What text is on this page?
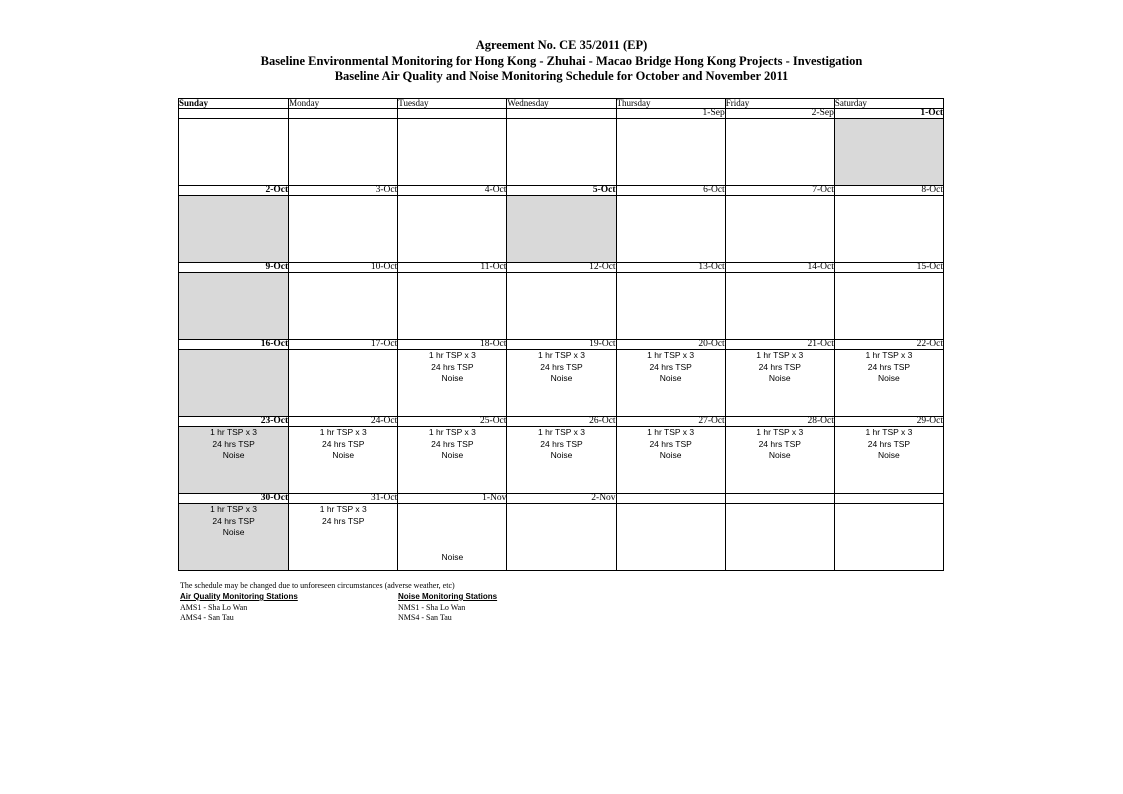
Agreement No. CE 35/2011 (EP)
Baseline Environmental Monitoring for Hong Kong - Zhuhai - Macao Bridge Hong Kong Projects - Investigation
Baseline Air Quality and Noise Monitoring Schedule for October and November 2011
Sunday	Monday	Tuesday	Wednesday	Thursday	Friday	Saturday
				1-Sep	2-Sep	1-Oct

2-Oct	3-Oct	4-Oct	5-Oct	6-Oct	7-Oct	8-Oct

9-Oct	10-Oct	11-Oct	12-Oct	13-Oct	14-Oct	15-Oct

16-Oct	17-Oct	18-Oct	19-Oct	20-Oct	21-Oct	22-Oct

		1 hr TSP x 3
24 hrs TSP
Noise	1 hr TSP x 3
24 hrs TSP
Noise	1 hr TSP x 3
24 hrs TSP
Noise	1 hr TSP x 3
24 hrs TSP
Noise	1 hr TSP x 3
24 hrs TSP
Noise

23-Oct	24-Oct	25-Oct	26-Oct	27-Oct	28-Oct	29-Oct

1 hr TSP x 3
24 hrs TSP
Noise	1 hr TSP x 3
24 hrs TSP
Noise	1 hr TSP x 3
24 hrs TSP
Noise	1 hr TSP x 3
24 hrs TSP
Noise	1 hr TSP x 3
24 hrs TSP
Noise	1 hr TSP x 3
24 hrs TSP
Noise	1 hr TSP x 3
24 hrs TSP
Noise

30-Oct	31-Oct	1-Nov	2-Nov			

1 hr TSP x 3
24 hrs TSP
Noise	1 hr TSP x 3
24 hrs TSP	Noise				

The schedule may be changed due to unforeseen circumstances (adverse weather, etc)
Air Quality Monitoring Stations
AMS1 - Sha Lo Wan
AMS4 - San Tau
Noise Monitoring Stations
NMS1 - Sha Lo Wan
NMS4 - San Tau
